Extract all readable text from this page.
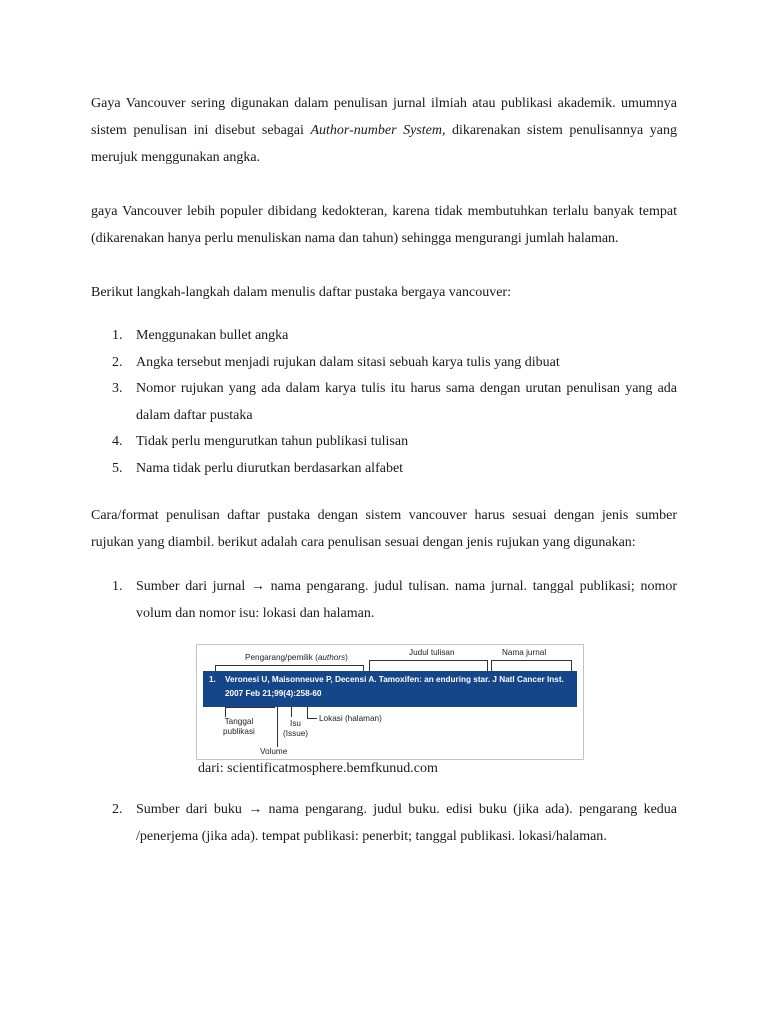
Gaya Vancouver sering digunakan dalam penulisan jurnal ilmiah atau publikasi akademik. umumnya sistem penulisan ini disebut sebagai Author-number System, dikarenakan sistem penulisannya yang merujuk menggunakan angka.

gaya Vancouver lebih populer dibidang kedokteran, karena tidak membutuhkan terlalu banyak tempat (dikarenakan hanya perlu menuliskan nama dan tahun) sehingga mengurangi jumlah halaman.

Berikut langkah-langkah dalam menulis daftar pustaka bergaya vancouver:

1. Menggunakan bullet angka
2. Angka tersebut menjadi rujukan dalam sitasi sebuah karya tulis yang dibuat
3. Nomor rujukan yang ada dalam karya tulis itu harus sama dengan urutan penulisan yang ada dalam daftar pustaka
4. Tidak perlu mengurutkan tahun publikasi tulisan
5. Nama tidak perlu diurutkan berdasarkan alfabet

Cara/format penulisan daftar pustaka dengan sistem vancouver harus sesuai dengan jenis sumber rujukan yang diambil. berikut adalah cara penulisan sesuai dengan jenis rujukan yang digunakan:

1. Sumber dari jurnal → nama pengarang. judul tulisan. nama jurnal. tanggal publikasi; nomor volum dan nomor isu: lokasi dan halaman.
Pengarang/pemilik (authors)
Judul tulisan	Nama jurnal
1. Veronesi U, Maisonneuve P, Decensi A. Tamoxifen: an enduring star. J Natl Cancer Inst.
2007 Feb 21;99(4):258-60
Tanggal
publikasi
Isu
(Issue)
Lokasi (halaman)
Volume
dari: scientificatmosphere.bemfkunud.com
2. Sumber dari buku → nama pengarang. judul buku. edisi buku (jika ada). pengarang kedua /penerjema (jika ada). tempat publikasi: penerbit; tanggal publikasi. lokasi/halaman.
